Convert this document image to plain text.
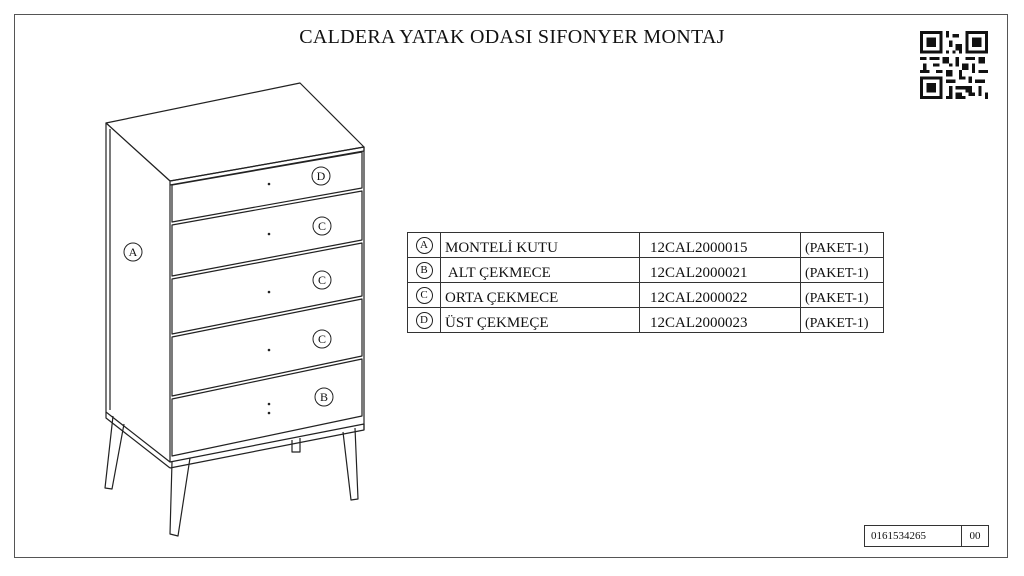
CALDERA YATAK ODASI SIFONYER MONTAJ
A
D
C
C
C
B
A	MONTELİ KUTU	12CAL2000015	(PAKET-1)
B	ALT ÇEKMECE	12CAL2000021	(PAKET-1)
C	ORTA ÇEKMECE	12CAL2000022	(PAKET-1)
D	ÜST ÇEKMEÇE	12CAL2000023	(PAKET-1)
0161534265	00
